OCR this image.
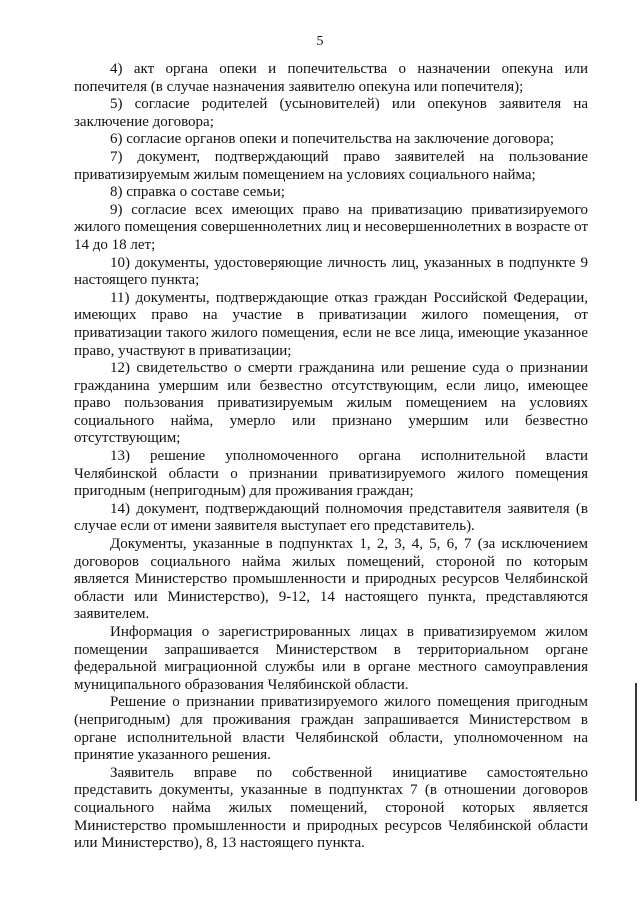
5

4) акт органа опеки и попечительства о назначении опекуна или попечителя (в случае назначения заявителю опекуна или попечителя);

5) согласие родителей (усыновителей) или опекунов заявителя на заключение договора;

6) согласие органов опеки и попечительства на заключение договора;

7) документ, подтверждающий право заявителей на пользование приватизируемым жилым помещением на условиях социального найма;

8) справка о составе семьи;

9) согласие всех имеющих право на приватизацию приватизируемого жилого помещения совершеннолетних лиц и несовершеннолетних в возрасте от 14 до 18 лет;

10) документы, удостоверяющие личность лиц, указанных в подпункте 9 настоящего пункта;

11) документы, подтверждающие отказ граждан Российской Федерации, имеющих право на участие в приватизации жилого помещения, от приватизации такого жилого помещения, если не все лица, имеющие указанное право, участвуют в приватизации;

12) свидетельство о смерти гражданина или решение суда о признании гражданина умершим или безвестно отсутствующим, если лицо, имеющее право пользования приватизируемым жилым помещением на условиях социального найма, умерло или признано умершим или безвестно отсутствующим;

13) решение уполномоченного органа исполнительной власти Челябинской области о признании приватизируемого жилого помещения пригодным (непригодным) для проживания граждан;

14) документ, подтверждающий полномочия представителя заявителя (в случае если от имени заявителя выступает его представитель).

Документы, указанные в подпунктах 1, 2, 3, 4, 5, 6, 7 (за исключением договоров социального найма жилых помещений, стороной по которым является Министерство промышленности и природных ресурсов Челябинской области или Министерство), 9-12, 14 настоящего пункта, представляются заявителем.

Информация о зарегистрированных лицах в приватизируемом жилом помещении запрашивается Министерством в территориальном органе федеральной миграционной службы или в органе местного самоуправления муниципального образования Челябинской области.

Решение о признании приватизируемого жилого помещения пригодным (непригодным) для проживания граждан запрашивается Министерством в органе исполнительной власти Челябинской области, уполномоченном на принятие указанного решения.

Заявитель вправе по собственной инициативе самостоятельно представить документы, указанные в подпунктах 7 (в отношении договоров социального найма жилых помещений, стороной которых является Министерство промышленности и природных ресурсов Челябинской области или Министерство), 8, 13 настоящего пункта.
